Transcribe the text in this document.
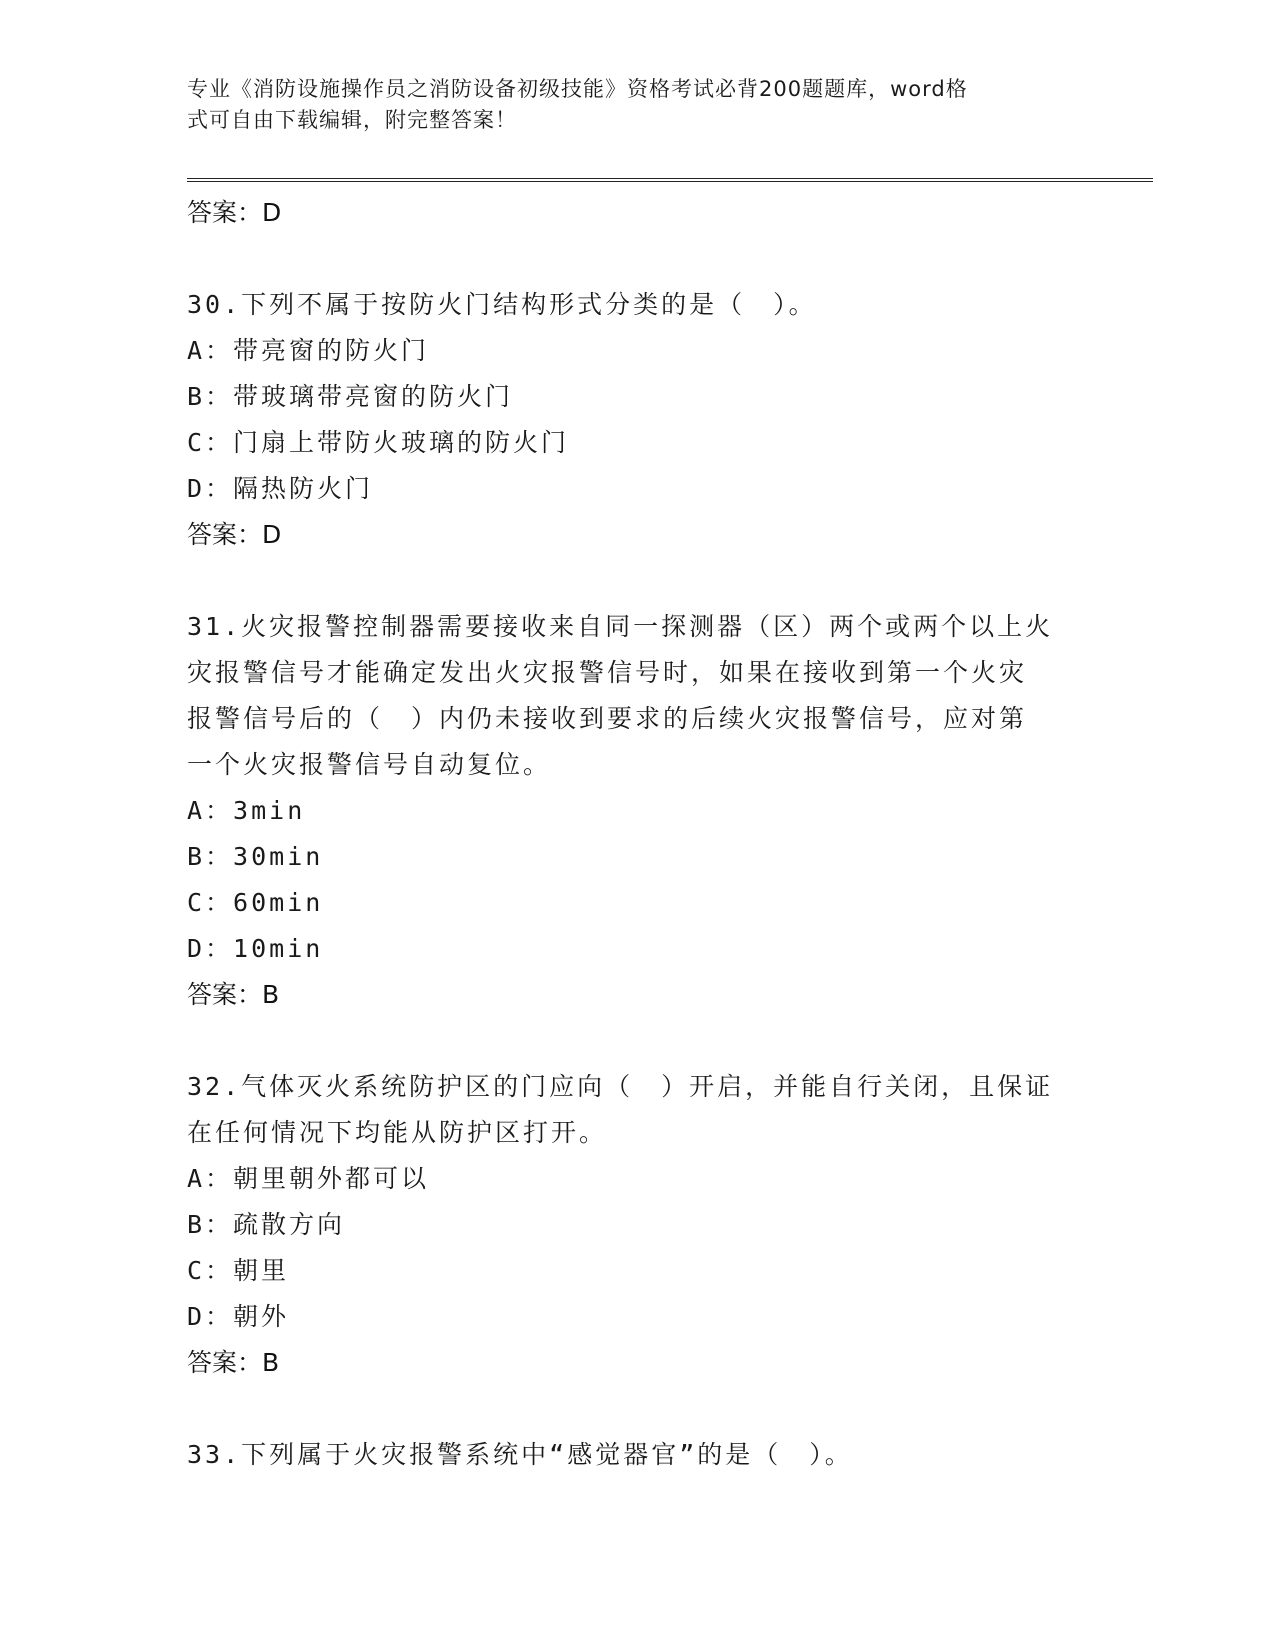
专业《消防设施操作员之消防设备初级技能》资格考试必背200题题库，word格
式可自由下载编辑，附完整答案！

答案：D

30.下列不属于按防火门结构形式分类的是（　）。

A：带亮窗的防火门

B：带玻璃带亮窗的防火门

C：门扇上带防火玻璃的防火门

D：隔热防火门

答案：D

31.火灾报警控制器需要接收来自同一探测器（区）两个或两个以上火

灾报警信号才能确定发出火灾报警信号时，如果在接收到第一个火灾

报警信号后的（　）内仍未接收到要求的后续火灾报警信号，应对第

一个火灾报警信号自动复位。

A：3min

B：30min

C：60min

D：10min

答案：B

32.气体灭火系统防护区的门应向（　）开启，并能自行关闭，且保证

在任何情况下均能从防护区打开。

A：朝里朝外都可以

B：疏散方向

C：朝里

D：朝外

答案：B

33.下列属于火灾报警系统中“感觉器官”的是（　）。
